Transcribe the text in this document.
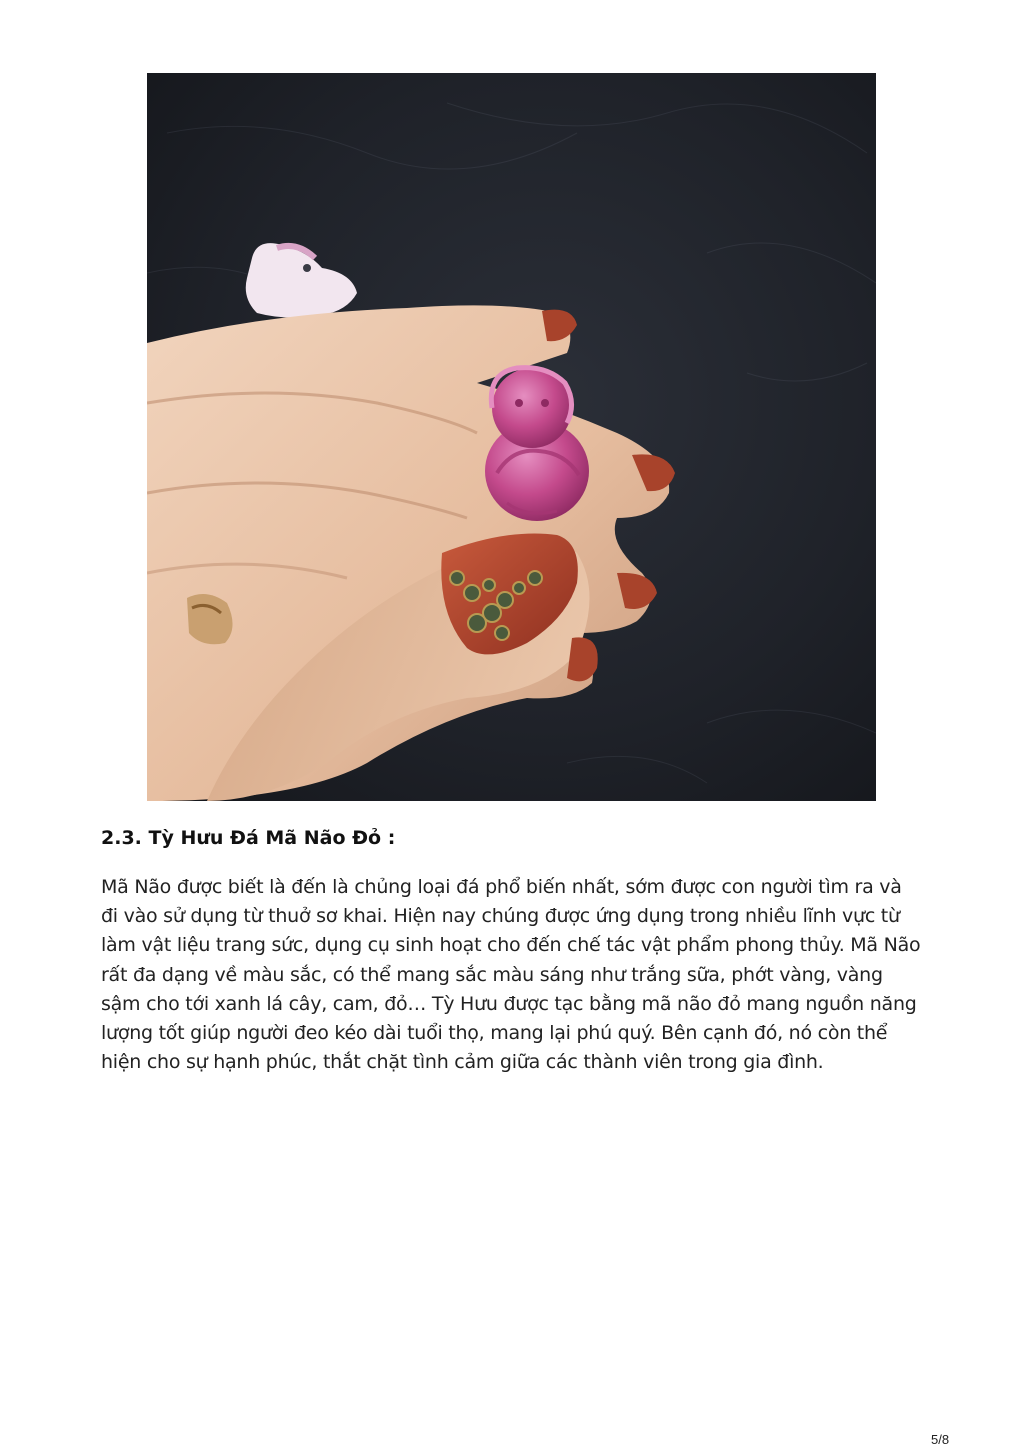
2.3. Tỳ Hưu Đá Mã Não Đỏ :

Mã Não được biết là đến là chủng loại đá phổ biến nhất, sớm được con người tìm ra và đi vào sử dụng từ thuở sơ khai. Hiện nay chúng được ứng dụng trong nhiều lĩnh vực từ làm vật liệu trang sức, dụng cụ sinh hoạt cho đến chế tác vật phẩm phong thủy. Mã Não rất đa dạng về màu sắc, có thể mang sắc màu sáng như trắng sữa, phớt vàng, vàng sậm cho tới xanh lá cây, cam, đỏ… Tỳ Hưu được tạc bằng mã não đỏ mang nguồn năng lượng tốt giúp người đeo kéo dài tuổi thọ, mang lại phú quý. Bên cạnh đó, nó còn thể hiện cho sự hạnh phúc, thắt chặt tình cảm giữa các thành viên trong gia đình.

5/8
